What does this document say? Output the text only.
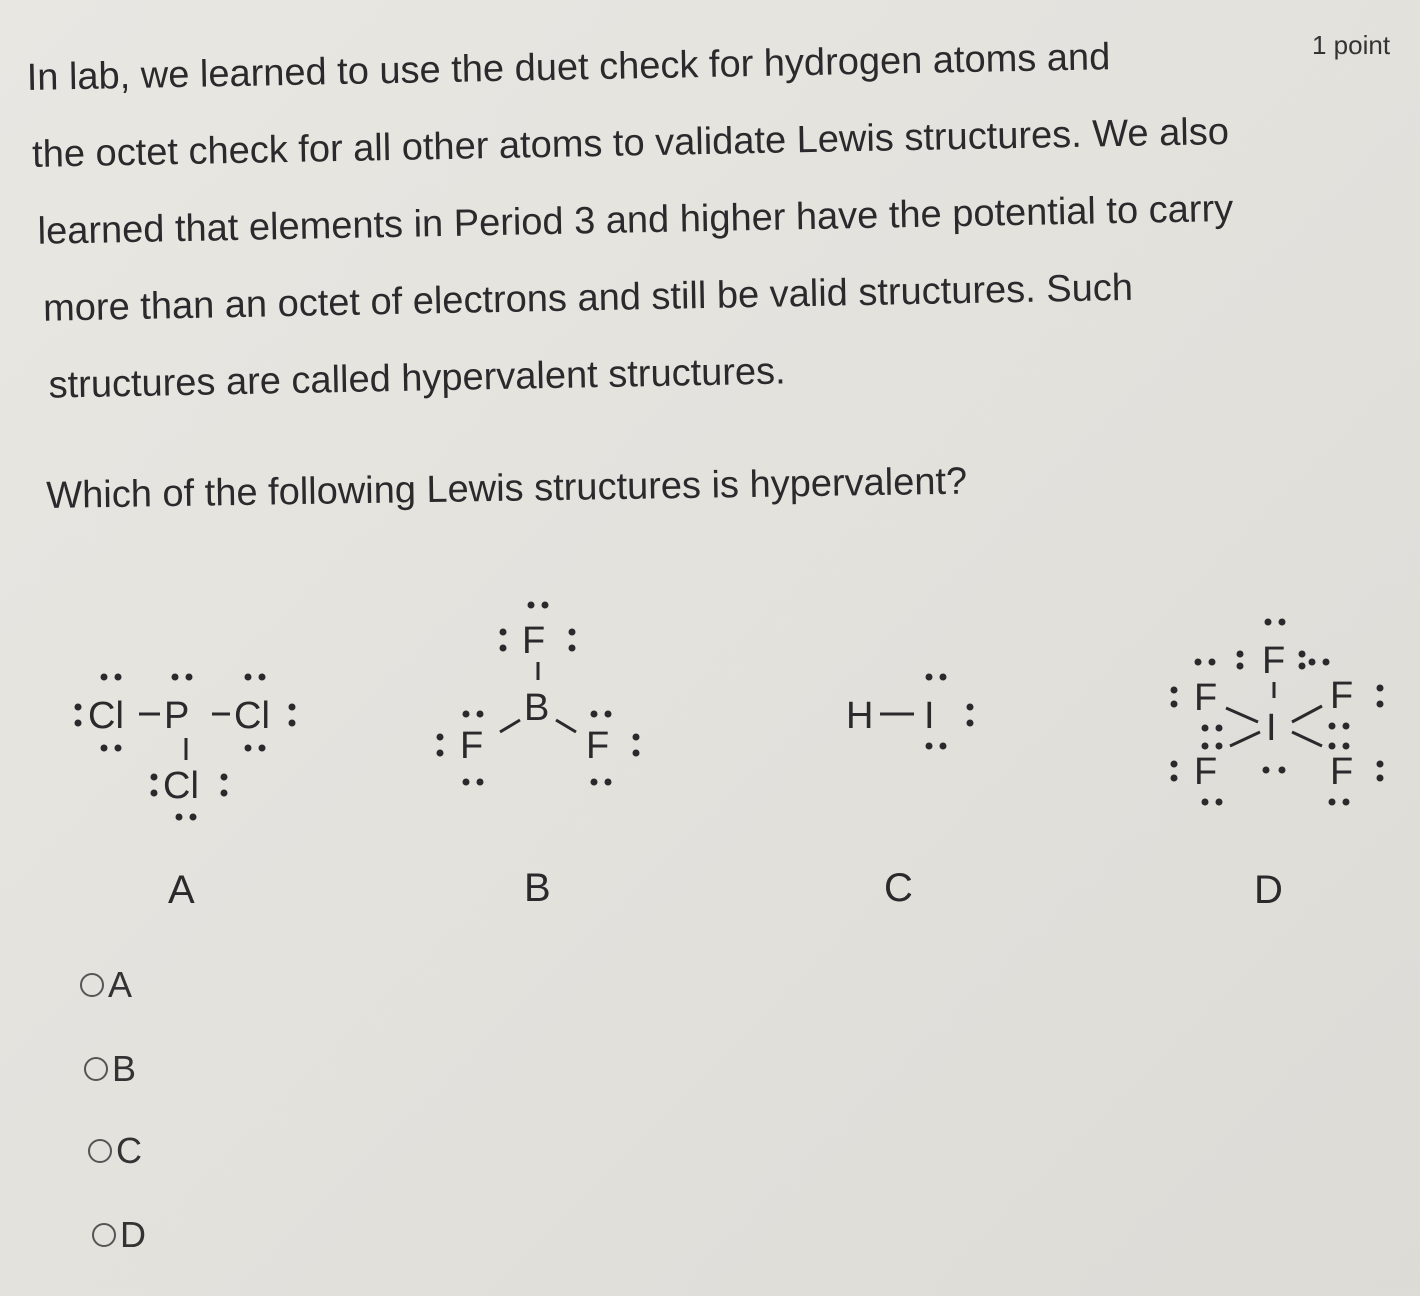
1 point

In lab, we learned to use the duet check for hydrogen atoms and

the octet check for all other atoms to validate Lewis structures. We also

learned that elements in Period 3 and higher have the potential to carry

more than an octet of electrons and still be valid structures. Such

structures are called hypervalent structures.

Which of the following Lewis structures is hypervalent?
Cl P Cl
Cl
F
B
F	F
H I
F
I
F	F
F	F
A	B	C	D
A
B
C
D
